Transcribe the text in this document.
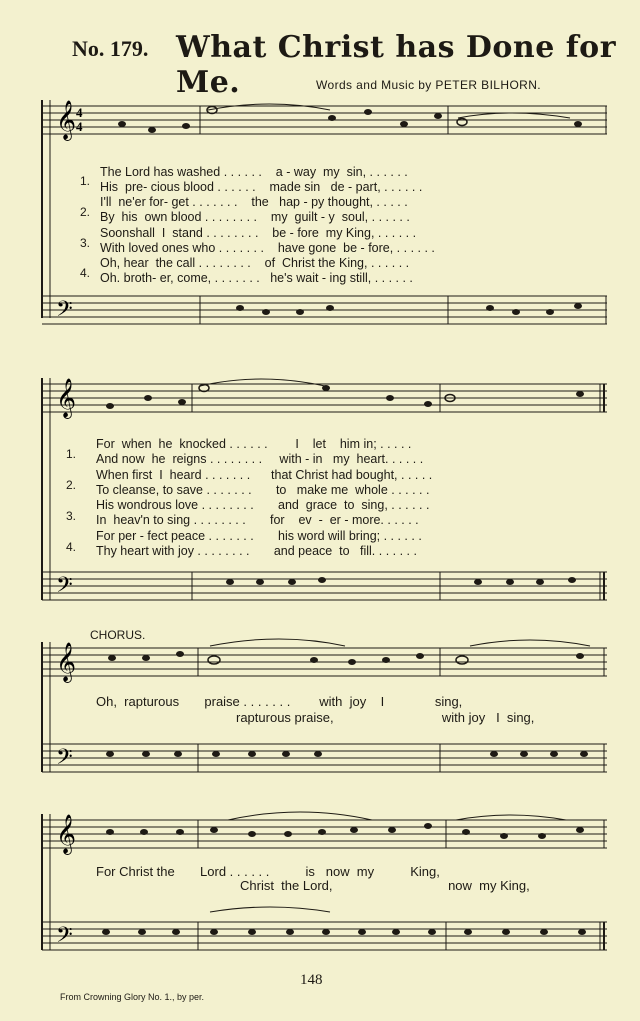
No. 179. What Christ has Done for Me.	Words and Music by PETER BILHORN.
𝄞 4
4
𝄢
𝄞
𝄢
𝄞
𝄢
𝄞
𝄢
1.
2.
3.
4.
The Lord has washed . . . . . .    a - way  my  sin, . . . . . .
His  pre- cious blood . . . . . .    made sin   de - part, . . . . . .
I'll  ne'er for- get . . . . . . .    the   hap - py thought, . . . . .
By  his  own blood . . . . . . . .    my  guilt - y  soul, . . . . . .
Soonshall  I  stand . . . . . . . .    be - fore  my King, . . . . . .
With loved ones who . . . . . . .    have gone  be - fore, . . . . . .
Oh, hear  the call . . . . . . . .    of  Christ the King, . . . . . .
Oh. broth- er, come, . . . . . . .   he's wait - ing still, . . . . . .
1.
2.
3.
4.
For  when  he  knocked . . . . . .        I    let    him in; . . . . .
And now  he  reigns . . . . . . . .     with - in   my  heart. . . . . .
When first  I  heard . . . . . . .      that Christ had bought, . . . . .
To cleanse, to save . . . . . . .       to   make me  whole . . . . . .
His wondrous love . . . . . . . .       and  grace  to  sing, . . . . . .
In  heav'n to sing . . . . . . . .       for    ev  -  er - more. . . . . .
For per - fect peace . . . . . . .       his word will bring; . . . . . .
Thy heart with joy . . . . . . . .       and peace  to   fill. . . . . . .
CHORUS.
Oh,  rapturous       praise . . . . . . .        with  joy    I              sing,
rapturous praise,                              with joy   I  sing,
For Christ the       Lord . . . . . .          is   now  my          King,
Christ  the Lord,                                now  my King,
148
From Crowning Glory No. 1., by per.
